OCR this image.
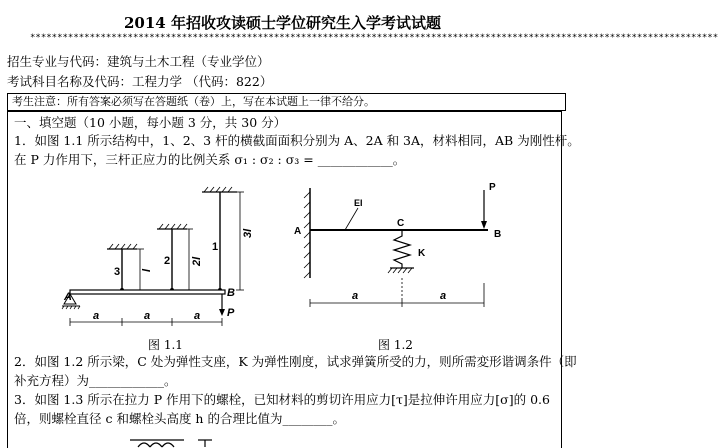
2014 年招收攻读硕士学位研究生入学考试试题
*******************************************************************************************************************************
招生专业与代码：建筑与土木工程（专业学位）
考试科目名称及代码：工程力学 （代码：822）
考生注意：所有答案必须写在答题纸（卷）上，写在本试题上一律不给分。
一、填空题（10 小题，每小题 3 分，共 30 分）
1．如图 1.1 所示结构中，1、2、3 杆的横截面面积分别为 A、2A 和 3A，材料相同，AB 为刚性杆。
在 P 力作用下，三杆正应力的比例关系 σ₁ : σ₂ : σ₃ = ____________。
A	B
P
1
2
3
a	a	a
3l
2l
l
图 1.1
A	B
C
K
P
EI
a	a
图 1.2
2．如图 1.2 所示梁，C 处为弹性支座，K 为弹性刚度，试求弹簧所受的力，则所需変形谐调条件（即
补充方程）为____________。
3．如图 1.3 所示在拉力 P 作用下的螺栓，已知材料的剪切许用应力[τ]是拉伸许用应力[σ]的 0.6
倍，则螺栓直径 c 和螺栓头高度 h 的合理比值为________。
